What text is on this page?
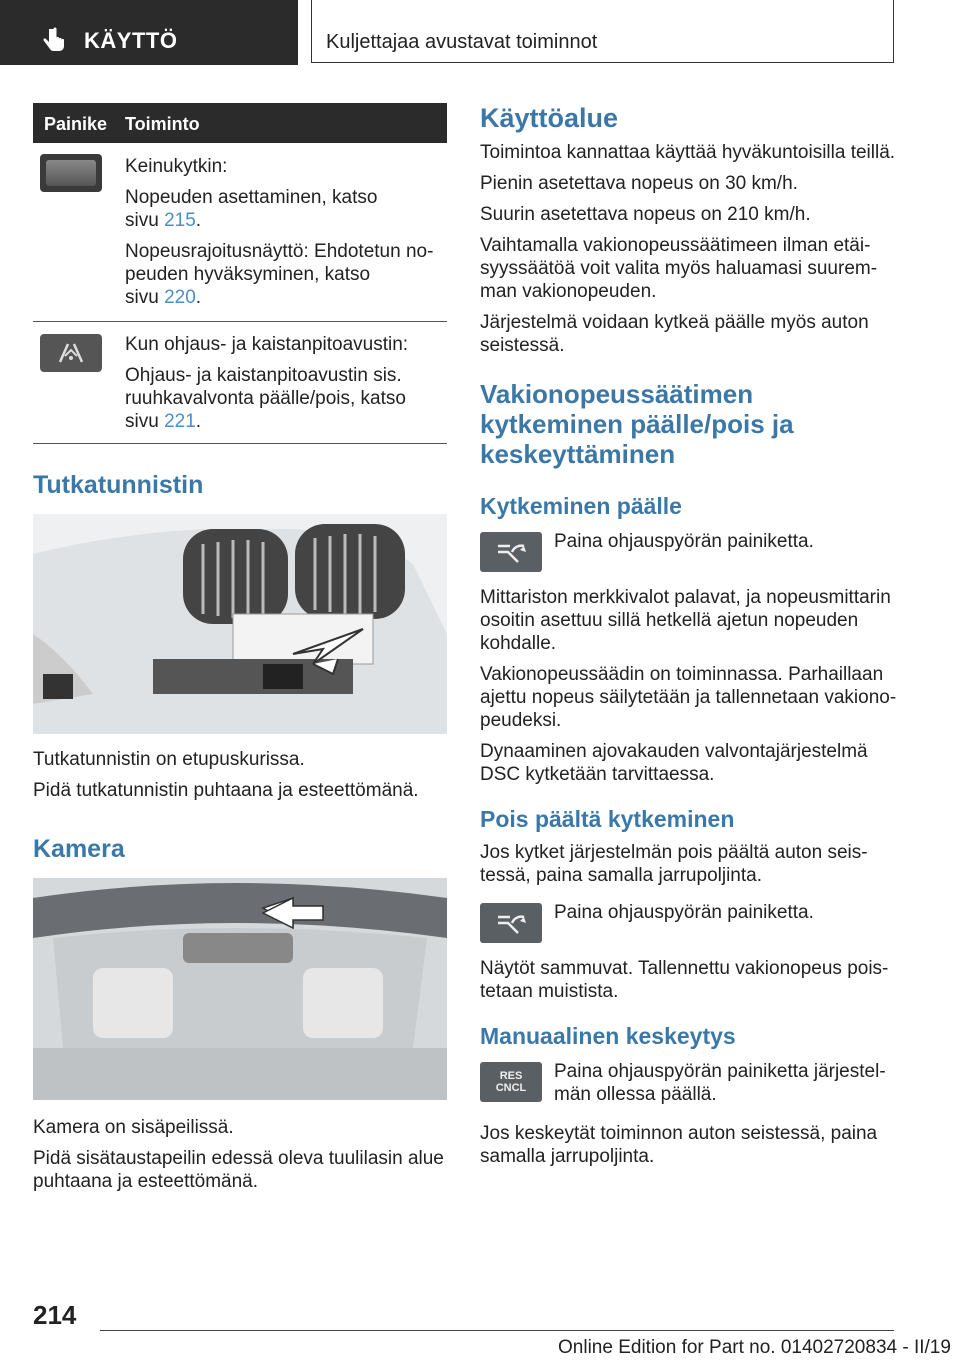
KÄYTTÖ	Kuljettajaa avustavat toiminnot
Painike Toiminto

Keinukytkin:

Nopeuden asettaminen, katso
sivu 215.

Nopeusrajoitusnäyttö: Ehdotetun no-
peuden hyväksyminen, katso
sivu 220.

Kun ohjaus- ja kaistanpitoavustin:

Ohjaus- ja kaistanpitoavustin sis.
ruuhkavalvonta päälle/pois, katso
sivu 221.

Tutkatunnistin

Tutkatunnistin on etupuskurissa.

Pidä tutkatunnistin puhtaana ja esteettömänä.

Kamera

Kamera on sisäpeilissä.

Pidä sisätaustapeilin edessä oleva tuulilasin alue
puhtaana ja esteettömänä.

Käyttöalue

Toimintoa kannattaa käyttää hyväkuntoisilla teillä.

Pienin asetettava nopeus on 30 km/h.

Suurin asetettava nopeus on 210 km/h.

Vaihtamalla vakionopeussäätimeen ilman etäi-
syyssäätöä voit valita myös haluamasi suurem-
man vakionopeuden.

Järjestelmä voidaan kytkeä päälle myös auton
seistessä.

Vakionopeussäätimen
kytkeminen päälle/pois ja
keskeyttäminen
Kytkeminen päälle

Paina ohjauspyörän painiketta.

Mittariston merkkivalot palavat, ja nopeusmittarin
osoitin asettuu sillä hetkellä ajetun nopeuden
kohdalle.

Vakionopeussäädin on toiminnassa. Parhaillaan
ajettu nopeus säilytetään ja tallennetaan vakiono-
peudeksi.

Dynaaminen ajovakauden valvontajärjestelmä
DSC kytketään tarvittaessa.

Pois päältä kytkeminen

Jos kytket järjestelmän pois päältä auton seis-
tessä, paina samalla jarrupoljinta.

Paina ohjauspyörän painiketta.

Näytöt sammuvat. Tallennettu vakionopeus pois-
tetaan muistista.

Manuaalinen keskeytys
RES
CNCL

Paina ohjauspyörän painiketta järjestel-
män ollessa päällä.

Jos keskeytät toiminnon auton seistessä, paina
samalla jarrupoljinta.

214
Online Edition for Part no. 01402720834 - II/19
